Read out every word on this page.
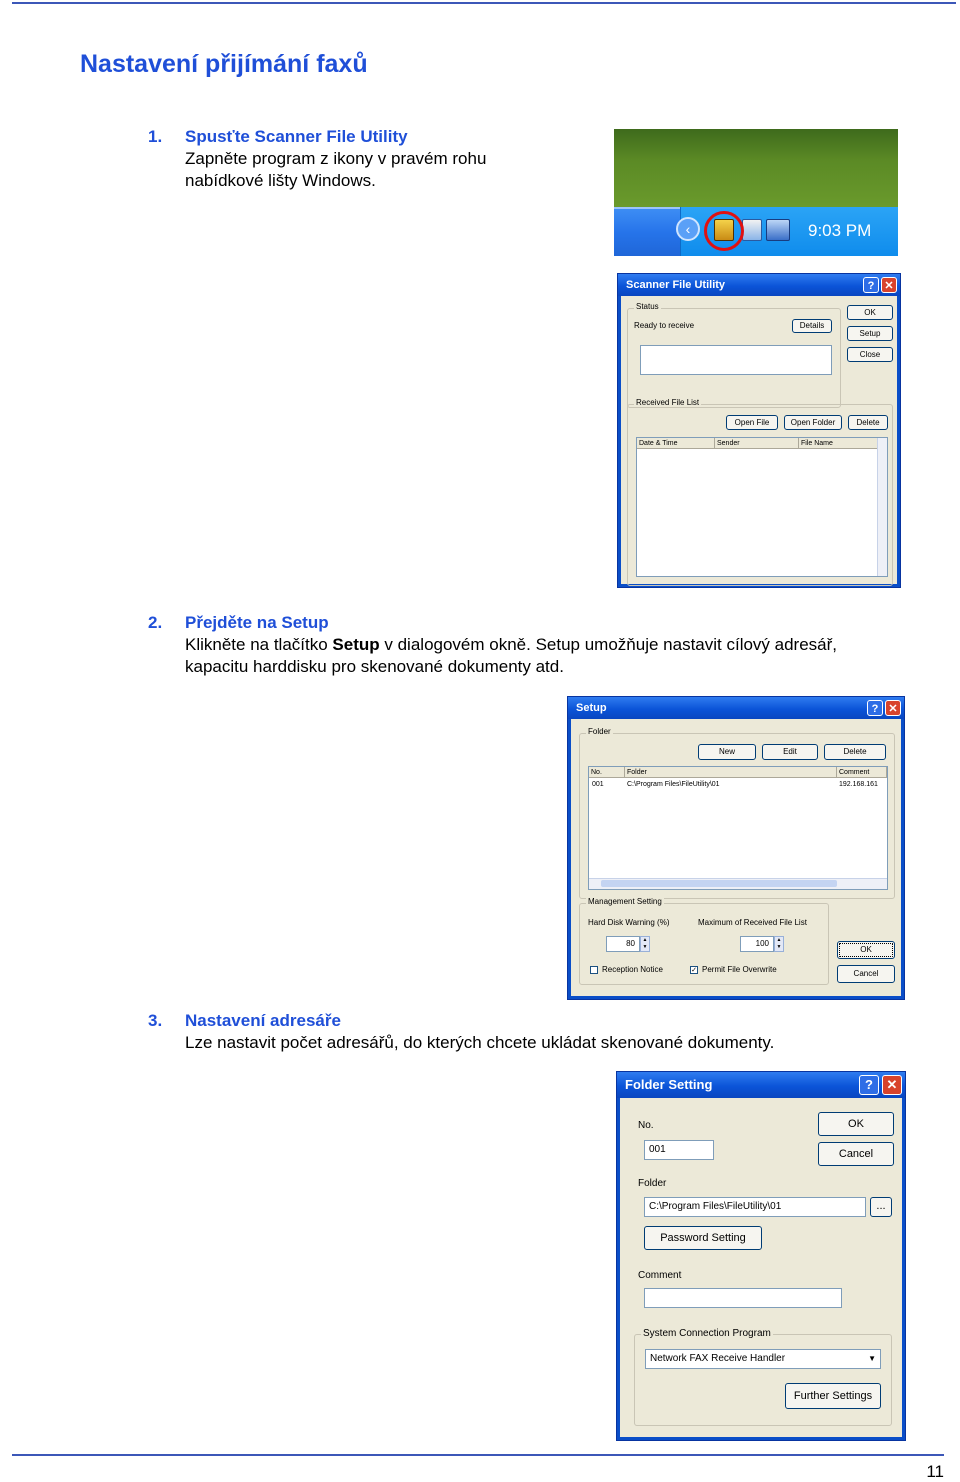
Nastavení přijímání faxů
1. Spusťte Scanner File Utility
Zapněte program z ikony v pravém rohu
nabídkové lišty Windows.
‹	9:03 PM
Scanner File Utility	? ✕
Status
Ready to receive	Details
OK
Setup
Close
Received File List
Open File	Open Folder	Delete
Date & Time	Sender	File Name
2. Přejděte na Setup
Klikněte na tlačítko Setup v dialogovém okně. Setup umožňuje nastavit cílový adresář,
kapacitu harddisku pro skenované dokumenty atd.
Setup	? ✕
Folder
New	Edit	Delete
No.	Folder	Comment
001	C:\Program Files\FileUtility\01	192.168.161
Management Setting
Hard Disk Warning (%)
80	▲
▼
Maximum of Received File List
100	▲
▼
Reception Notice	✓ Permit File Overwrite
OK
Cancel
3. Nastavení adresáře
Lze nastavit počet adresářů, do kterých chcete ukládat skenované dokumenty.
Folder Setting	?	✕
No.
001
OK
Cancel
Folder
C:\Program Files\FileUtility\01	...
Password Setting
Comment
System Connection Program
Network FAX Receive Handler	▼
Further Settings
11
